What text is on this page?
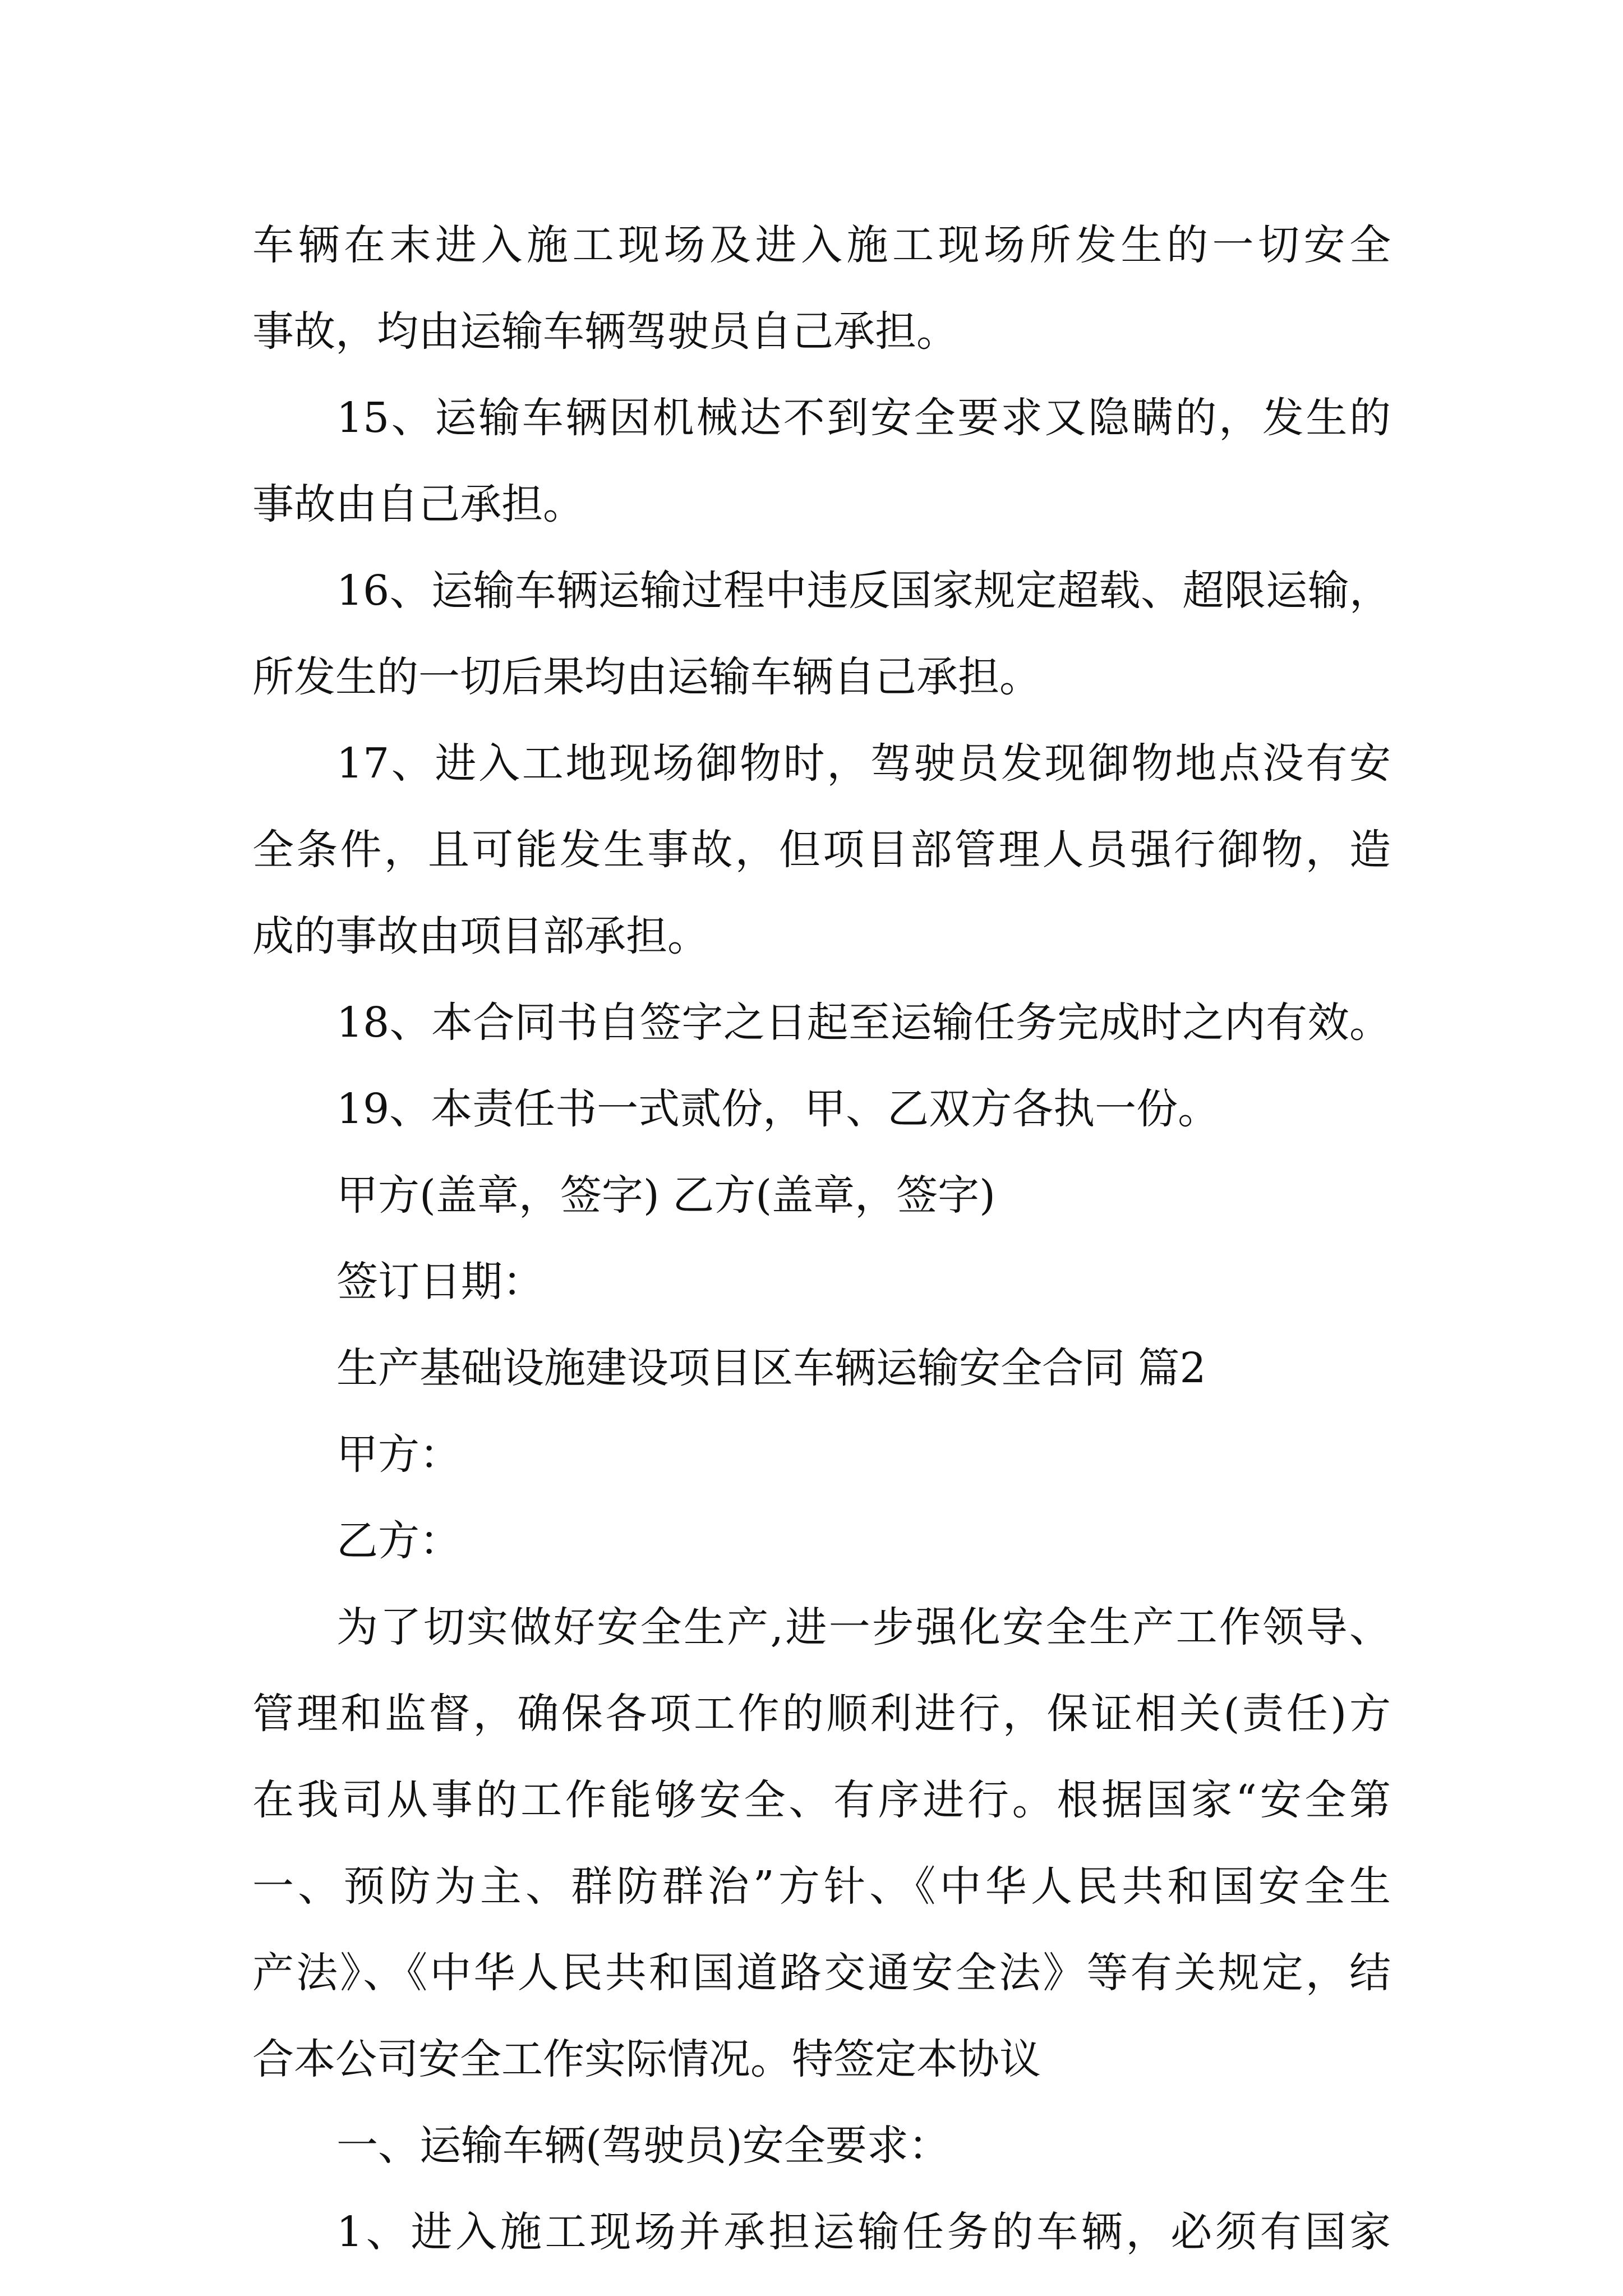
车辆在末进入施工现场及进入施工现场所发生的一切安全
事故，均由运输车辆驾驶员自己承担。
15、运输车辆因机械达不到安全要求又隐瞒的，发生的
事故由自己承担。
16、运输车辆运输过程中违反国家规定超载、超限运输，
所发生的一切后果均由运输车辆自己承担。
17、进入工地现场御物时，驾驶员发现御物地点没有安
全条件，且可能发生事故，但项目部管理人员强行御物，造
成的事故由项目部承担。
18、本合同书自签字之日起至运输任务完成时之内有效。
19、本责任书一式贰份，甲、乙双方各执一份。
甲方(盖章，签字) 乙方(盖章，签字)
签订日期：
生产基础设施建设项目区车辆运输安全合同 篇2
甲方：
乙方：
为了切实做好安全生产,进一步强化安全生产工作领导、
管理和监督，确保各项工作的顺利进行，保证相关(责任)方
在我司从事的工作能够安全、有序进行。根据国家“安全第
一、预防为主、群防群治”方针、《中华人民共和国安全生
产法》、《中华人民共和国道路交通安全法》等有关规定，结
合本公司安全工作实际情况。特签定本协议
一、运输车辆(驾驶员)安全要求：
1、进入施工现场并承担运输任务的车辆，必须有国家
